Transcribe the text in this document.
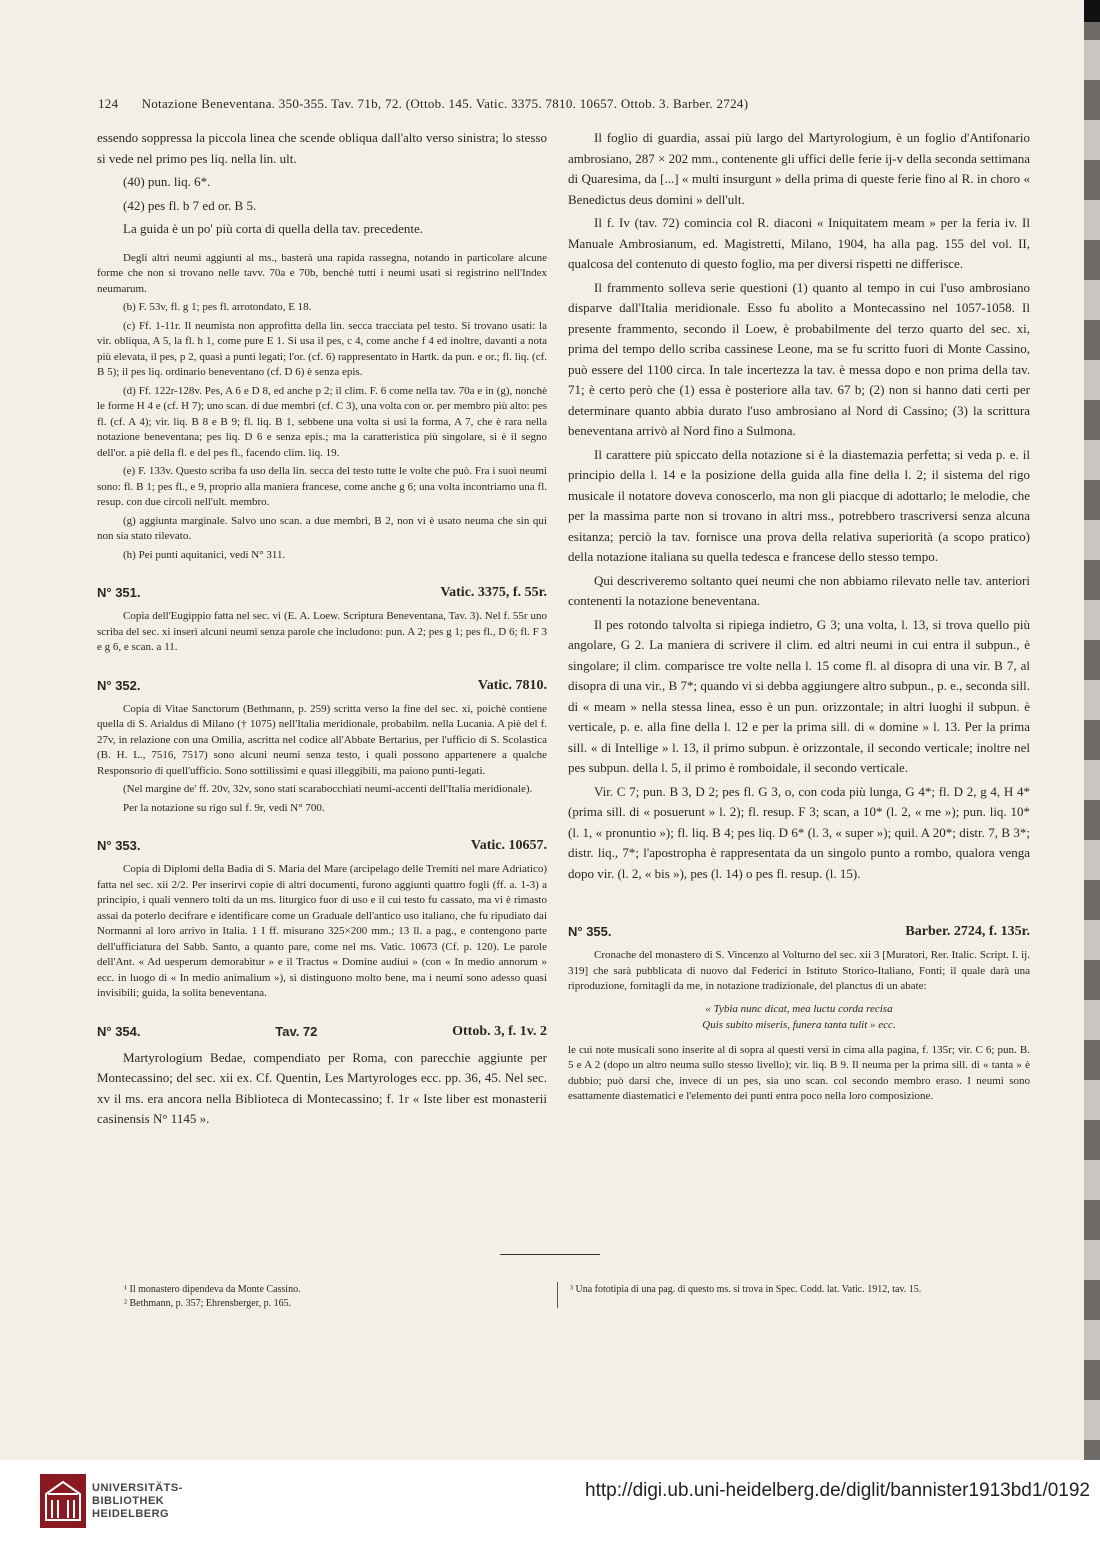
124 Notazione Beneventana. 350-355. Tav. 71b, 72. (Ottob. 145. Vatic. 3375. 7810. 10657. Ottob. 3. Barber. 2724)

essendo soppressa la piccola linea che scende obliqua dall'alto verso sinistra; lo stesso si vede nel primo pes liq. nella lin. ult.

(40) pun. liq. 6*.

(42) pes fl. b 7 ed or. B 5.

La guida è un po' più corta di quella della tav. precedente.

Degli altri neumi aggiunti al ms., basterà una rapida rassegna, notando in particolare alcune forme che non si trovano nelle tavv. 70a e 70b, benchè tutti i neumi usati si registrino nell'Index neumarum.

(b) F. 53v, fl. g 1; pes fl. arrotondato, E 18.

(c) Ff. 1-11r. Il neumista non approfitta della lin. secca tracciata pel testo. Si trovano usati: la vir. obliqua, A 5, la fl. h 1, come pure E 1. Si usa il pes, c 4, come anche f 4 ed inoltre, davanti a nota più elevata, il pes, p 2, quasi a punti legati; l'or. (cf. 6) rappresentato in Hartk. da pun. e or.; fl. liq. (cf. B 5); il pes liq. ordinario beneventano (cf. D 6) è senza epis.

(d) Ff. 122r-128v. Pes, A 6 e D 8, ed anche p 2; il clim. F. 6 come nella tav. 70a e in (g), nonchè le forme H 4 e (cf. H 7); uno scan. di due membri (cf. C 3), una volta con or. per membro più alto: pes fl. (cf. A 4); vir. liq. B 8 e B 9; fl. liq. B 1, sebbene una volta si usi la forma, A 7, che è rara nella notazione beneventana; pes liq. D 6 e senza epis.; ma la caratteristica più singolare, si è il segno dell'or. a piè della fl. e del pes fl., facendo clim. liq. 19.

(e) F. 133v. Questo scriba fa uso della lin. secca del testo tutte le volte che può. Fra i suoi neumi sono: fl. B 1; pes fl., e 9, proprio alla maniera francese, come anche g 6; una volta incontriamo una fl. resup. con due circoli nell'ult. membro.

(g) aggiunta marginale. Salvo uno scan. a due membri, B 2, non vi è usato neuma che sin qui non sia stato rilevato.

(h) Pei punti aquitanici, vedi N° 311.

N° 351.	Vatic. 3375, f. 55r.

Copia dell'Eugippio fatta nel sec. vi (E. A. Loew. Scriptura Beneventana, Tav. 3). Nel f. 55r uno scriba del sec. xi inserì alcuni neumi senza parole che includono: pun. A 2; pes g 1; pes fl., D 6; fl. F 3 e g 6, e scan. a 11.

N° 352.	Vatic. 7810.

Copia di Vitae Sanctorum (Bethmann, p. 259) scritta verso la fine del sec. xi, poichè contiene quella di S. Arialdus di Milano († 1075) nell'Italia meridionale, probabilm. nella Lucania. A piè del f. 27v, in relazione con una Omilia, ascritta nel codice all'Abbate Bertarius, per l'ufficio di S. Scolastica (B. H. L., 7516, 7517) sono alcuni neumi senza testo, i quali possono appartenere a qualche Responsorio di quell'ufficio. Sono sottilissimi e quasi illeggibili, ma paiono punti-legati.

(Nel margine de' ff. 20v, 32v, sono stati scarabocchiati neumi-accenti dell'Italia meridionale).

Per la notazione su rigo sul f. 9r, vedi N° 700.

N° 353.	Vatic. 10657.

Copia di Diplomi della Badia di S. Maria del Mare (arcipelago delle Tremiti nel mare Adriatico) fatta nel sec. xii 2/2. Per inserirvi copie di altri documenti, furono aggiunti quattro fogli (ff. a. 1-3) a principio, i quali vennero tolti da un ms. liturgico fuor di uso e il cui testo fu cassato, ma vi è rimasto assai da poterlo decifrare e identificare come un Graduale dell'antico uso italiano, che fu ripudiato dai Normanni al loro arrivo in Italia. 1 I ff. misurano 325×200 mm.; 13 ll. a pag., e contengono parte dell'ufficiatura del Sabb. Santo, a quanto pare, come nel ms. Vatic. 10673 (Cf. p. 120). Le parole dell'Ant. « Ad uesperum demorabitur » e il Tractus « Domine audiui » (con « In medio annorum » ecc. in luogo di « In medio animalium »), si distinguono molto bene, ma i neumi sono adesso quasi invisibili; guida, la solita beneventana.

N° 354.	Tav. 72	Ottob. 3, f. 1v. 2

Martyrologium Bedae, compendiato per Roma, con parecchie aggiunte per Montecassino; del sec. xii ex. Cf. Quentin, Les Martyrologes ecc. pp. 36, 45. Nel sec. xv il ms. era ancora nella Biblioteca di Montecassino; f. 1r « Iste liber est monasterii casinensis N° 1145 ».

Il foglio di guardia, assai più largo del Martyrologium, è un foglio d'Antifonario ambrosiano, 287 × 202 mm., contenente gli uffici delle ferie ij-v della seconda settimana di Quaresima, da [...] « multi insurgunt » della prima di queste ferie fino al R. in choro « Benedictus deus domini » dell'ult.

Il f. Iv (tav. 72) comincia col R. diaconi « Iniquitatem meam » per la feria iv. Il Manuale Ambrosianum, ed. Magistretti, Milano, 1904, ha alla pag. 155 del vol. II, qualcosa del contenuto di questo foglio, ma per diversi rispetti ne differisce.

Il frammento solleva serie questioni (1) quanto al tempo in cui l'uso ambrosiano disparve dall'Italia meridionale. Esso fu abolito a Montecassino nel 1057-1058. Il presente frammento, secondo il Loew, è probabilmente del terzo quarto del sec. xi, prima del tempo dello scriba cassinese Leone, ma se fu scritto fuori di Monte Cassino, può essere del 1100 circa. In tale incertezza la tav. è messa dopo e non prima della tav. 71; è certo però che (1) essa è posteriore alla tav. 67 b; (2) non si hanno dati certi per determinare quanto abbia durato l'uso ambrosiano al Nord di Cassino; (3) la scrittura beneventana arrivò al Nord fino a Sulmona.

Il carattere più spiccato della notazione si è la diastemazia perfetta; si veda p. e. il principio della l. 14 e la posizione della guida alla fine della l. 2; il sistema del rigo musicale il notatore doveva conoscerlo, ma non gli piacque di adottarlo; le melodie, che per la massima parte non si trovano in altri mss., potrebbero trascriversi senza alcuna esitanza; perciò la tav. fornisce una prova della relativa superiorità (a scopo pratico) della notazione italiana su quella tedesca e francese dello stesso tempo.

Qui descriveremo soltanto quei neumi che non abbiamo rilevato nelle tav. anteriori contenenti la notazione beneventana.

Il pes rotondo talvolta si ripiega indietro, G 3; una volta, l. 13, si trova quello più angolare, G 2. La maniera di scrivere il clim. ed altri neumi in cui entra il subpun., è singolare; il clim. comparisce tre volte nella l. 15 come fl. al disopra di una vir. B 7, al disopra di una vir., B 7*; quando vi si debba aggiungere altro subpun., p. e., seconda sill. di « meam » nella stessa linea, esso è un pun. orizzontale; in altri luoghi il subpun. è verticale, p. e. alla fine della l. 12 e per la prima sill. di « domine » l. 13. Per la prima sill. « di Intellige » l. 13, il primo subpun. è orizzontale, il secondo verticale; inoltre nel pes subpun. della l. 5, il primo è romboidale, il secondo verticale.

Vir. C 7; pun. B 3, D 2; pes fl. G 3, o, con coda più lunga, G 4*; fl. D 2, g 4, H 4* (prima sill. di « posuerunt » l. 2); fl. resup. F 3; scan, a 10* (l. 2, « me »); pun. liq. 10* (l. 1, « pronuntio »); fl. liq. B 4; pes liq. D 6* (l. 3, « super »); quil. A 20*; distr. 7, B 3*; distr. liq., 7*; l'apostropha è rappresentata da un singolo punto a rombo, qualora venga dopo vir. (l. 2, « bis »), pes (l. 14) o pes fl. resup. (l. 15).

N° 355.	Barber. 2724, f. 135r.

Cronache del monastero di S. Vincenzo al Volturno del sec. xii 3 [Muratori, Rer. Italic. Script. I. ij. 319] che sarà pubblicata di nuovo dal Federici in Istituto Storico-Italiano, Fonti; il quale darà una riproduzione, fornitagli da me, in notazione tradizionale, del planctus di un abate:

« Tybia nunc dicat, mea luctu corda recisa
Quis subito miseris, funera tanta tulit » ecc.

le cui note musicali sono inserite al di sopra al questi versi in cima alla pagina, f. 135r; vir. C 6; pun. B. 5 e A 2 (dopo un altro neuma sullo stesso livello); vir. liq. B 9. Il neuma per la prima sill. di « tanta » è dubbio; può darsi che, invece di un pes, sia uno scan. col secondo membro eraso. I neumi sono esattamente diastematici e l'elemento dei punti entra poco nella loro composizione.

¹ Il monastero dipendeva da Monte Cassino.
² Bethmann, p. 357; Ehrensberger, p. 165.
³ Una fototipia di una pag. di questo ms. si trova in Spec. Codd. lat. Vatic. 1912, tav. 15.
UNIVERSITÄTS-
BIBLIOTHEK
HEIDELBERG
http://digi.ub.uni-heidelberg.de/diglit/bannister1913bd1/0192
